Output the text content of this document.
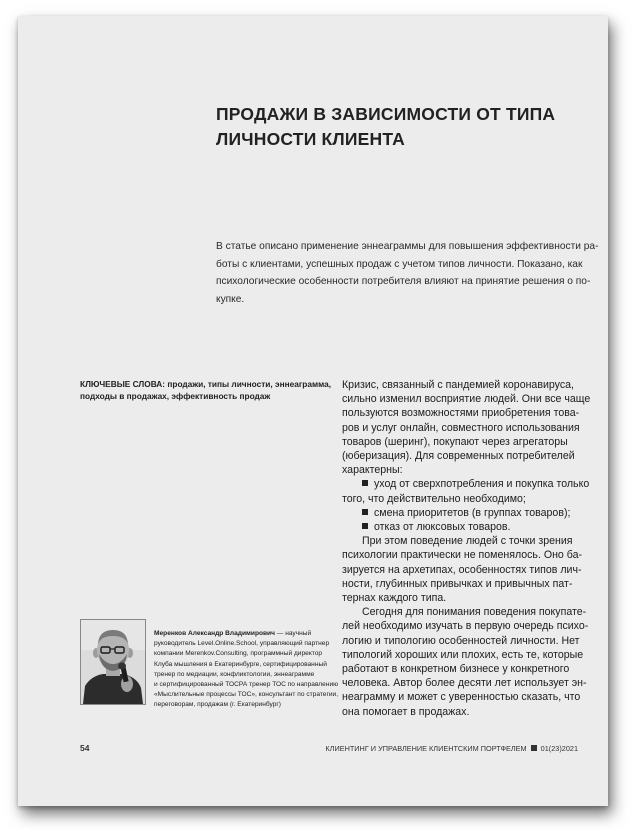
ПРОДАЖИ В ЗАВИСИМОСТИ ОТ ТИПА
ЛИЧНОСТИ КЛИЕНТА
В статье описано применение эннеаграммы для повышения эффективности ра-
боты с клиентами, успешных продаж с учетом типов личности. Показано, как
психологические особенности потребителя влияют на принятие решения о по-
купке.
КЛЮЧЕВЫЕ СЛОВА: продажи, типы личности, эннеаграмма,
подходы в продажах, эффективность продаж
Кризис, связанный с пандемией коронавируса,
сильно изменил восприятие людей. Они все чаще
пользуются возможностями приобретения това-
ров и услуг онлайн, совместного использования
товаров (шеринг), покупают через агрегаторы
(юберизация). Для современных потребителей
характерны:
уход от сверхпотребления и покупка только
того, что действительно необходимо;
смена приоритетов (в группах товаров);
отказ от люксовых товаров.
При этом поведение людей с точки зрения
психологии практически не поменялось. Оно ба-
зируется на архетипах, особенностях типов лич-
ности, глубинных привычках и привычных пат-
тернах каждого типа.
Сегодня для понимания поведения покупате-
лей необходимо изучать в первую очередь психо-
логию и типологию особенностей личности. Нет
типологий хороших или плохих, есть те, которые
работают в конкретном бизнесе у конкретного
человека. Автор более десяти лет использует эн-
неаграмму и может с уверенностью сказать, что
она помогает в продажах.
Меренков Александр Владимирович — научный
руководитель Level.Online.School, управляющий партнер
компании Merenkov.Consulting, программный директор
Клуба мышления в Екатеринбурге, сертифицированный
тренер по медиации, конфликтологии, эннеаграмме
и сертифицированный ТОСРА тренер ТОС по направлению
«Мыслительные процессы ТОС», консультант по стратегии,
переговорам, продажам (г. Екатеринбург)
54	КЛИЕНТИНГ И УПРАВЛЕНИЕ КЛИЕНТСКИМ ПОРТФЕЛЕМ 01(23)2021
